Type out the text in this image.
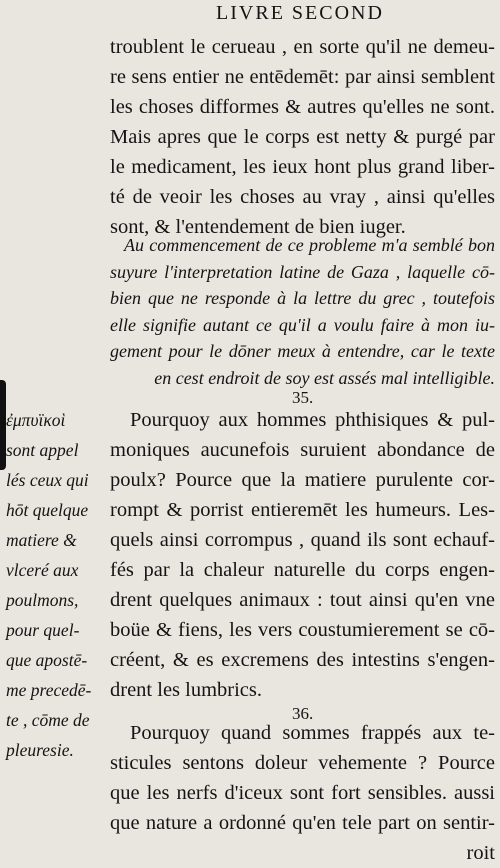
LIVRE SECOND
troublent le cerueau , en sorte qu'il ne demeu-
re sens entier ne entēdemēt: par ainsi semblent
les choses difformes & autres qu'elles ne sont.
Mais apres que le corps est netty & purgé par
le medicament, les ieux hont plus grand liber-
té de veoir les choses au vray , ainsi qu'elles
sont, & l'entendement de bien iuger.
Au commencement de ce probleme m'a semblé bon
suyure l'interpretation latine de Gaza , laquelle cō-
bien que ne responde à la lettre du grec , toutefois
elle signifie autant ce qu'il a voulu faire à mon iu-
gement pour le dōner meux à entendre, car le texte
en cest endroit de soy est assés mal intelligible.
35.
Pourquoy aux hommes phthisiques & pul-
moniques aucunefois suruient abondance de
poulx? Pource que la matiere purulente cor-
rompt & porrist entieremēt les humeurs. Les-
quels ainsi corrompus , quand ils sont echauf-
fés par la chaleur naturelle du corps engen-
drent quelques animaux : tout ainsi qu'en vne
boüe & fiens, les vers coustumierement se cō-
créent, & es excremens des intestins s'engen-
drent les lumbrics.
ἐμπυϊκοὶ
sont appel
lés ceux qui
hōt quelque
matiere &
vlceré aux
poulmons,
pour quel-
que apostē-
me precedē-
te , cōme de
pleuresie.
36.
Pourquoy quand sommes frappés aux te-
sticules sentons doleur vehemente ? Pource
que les nerfs d'iceux sont fort sensibles. aussi
que nature a ordonné qu'en tele part on sentir-
roit
